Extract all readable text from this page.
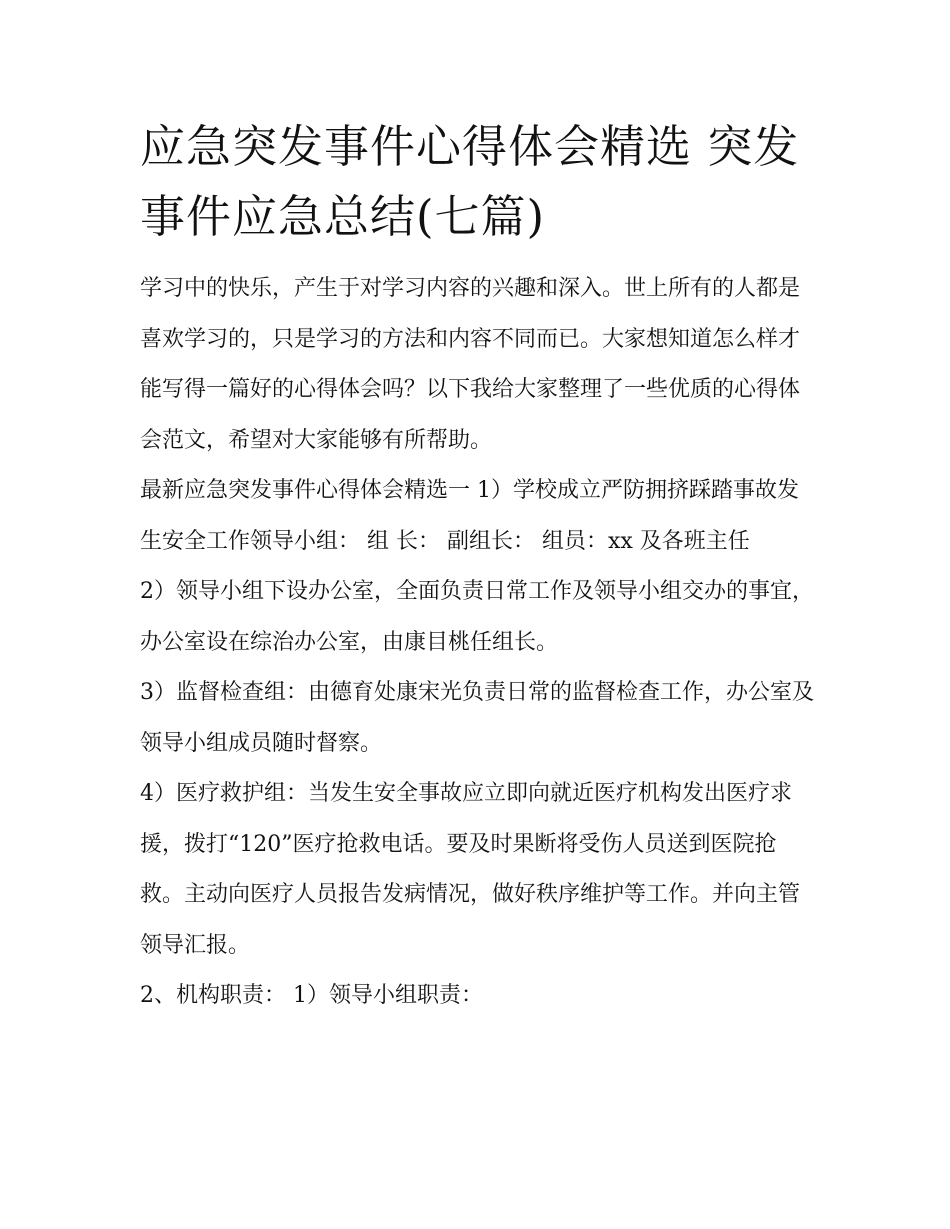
应急突发事件心得体会精选 突发事件应急总结(七篇)

学习中的快乐，产生于对学习内容的兴趣和深入。世上所有的人都是喜欢学习的，只是学习的方法和内容不同而已。大家想知道怎么样才能写得一篇好的心得体会吗？以下我给大家整理了一些优质的心得体会范文，希望对大家能够有所帮助。

最新应急突发事件心得体会精选一 1）学校成立严防拥挤踩踏事故发生安全工作领导小组： 组 长： 副组长： 组员：xx 及各班主任

2）领导小组下设办公室，全面负责日常工作及领导小组交办的事宜，办公室设在综治办公室，由康目桃任组长。

3）监督检查组：由德育处康宋光负责日常的监督检查工作，办公室及领导小组成员随时督察。

4）医疗救护组：当发生安全事故应立即向就近医疗机构发出医疗求援，拨打“120”医疗抢救电话。要及时果断将受伤人员送到医院抢救。主动向医疗人员报告发病情况，做好秩序维护等工作。并向主管领导汇报。

2、机构职责： 1）领导小组职责：
